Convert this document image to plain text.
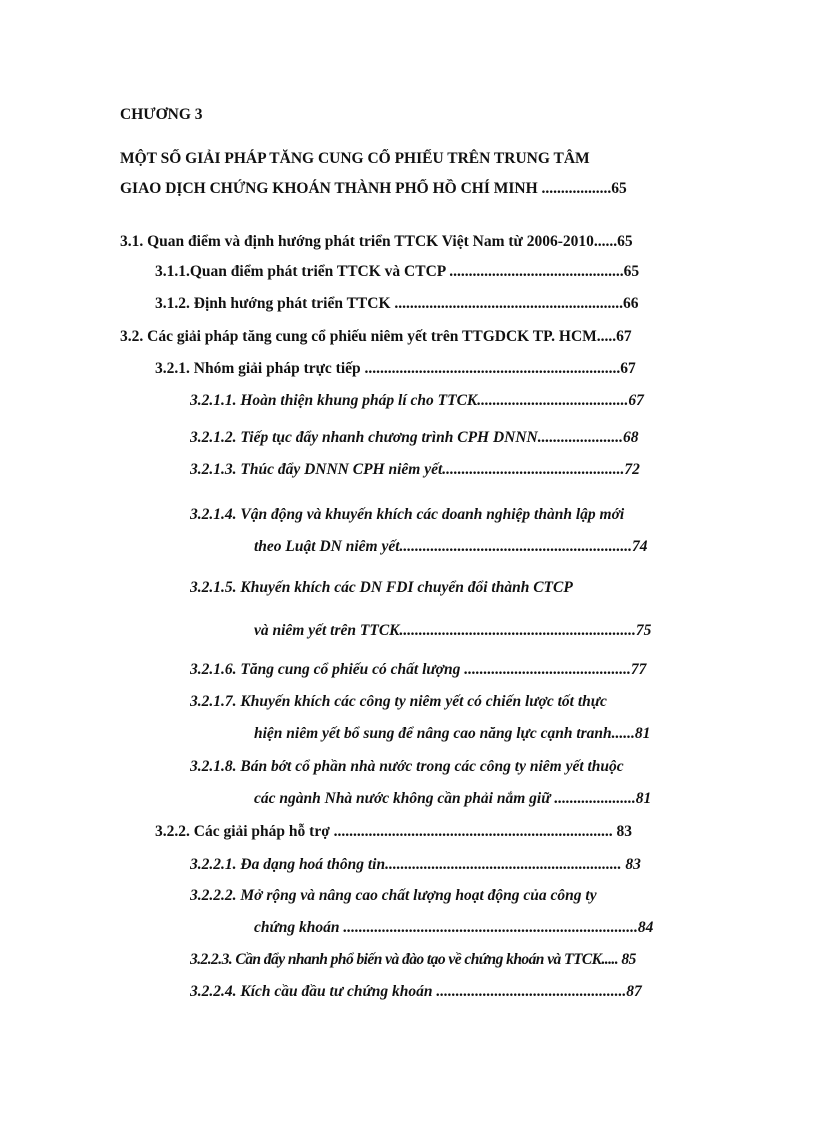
CHƯƠNG 3
MỘT SỐ GIẢI PHÁP TĂNG CUNG CỔ PHIẾU TRÊN TRUNG TÂM
GIAO DỊCH CHỨNG KHOÁN THÀNH PHỐ HỒ CHÍ MINH ..................65
3.1. Quan điểm và định hướng phát triển TTCK Việt Nam từ 2006-2010......65
3.1.1.Quan điểm phát triển TTCK và CTCP .............................................65
3.1.2. Định hướng phát triển TTCK ...........................................................66
3.2. Các giải pháp tăng cung cổ phiếu niêm yết trên TTGDCK TP. HCM.....67
3.2.1. Nhóm giải pháp trực tiếp ..................................................................67
3.2.1.1. Hoàn thiện khung pháp lí cho TTCK.......................................67
3.2.1.2. Tiếp tục đẩy nhanh chương trình CPH DNNN......................68
3.2.1.3. Thúc đẩy DNNN CPH niêm yết...............................................72
3.2.1.4. Vận động và khuyến khích các doanh nghiệp thành lập mới
theo Luật DN niêm yết............................................................74
3.2.1.5. Khuyến khích các DN FDI chuyển đổi thành CTCP
và niêm yết trên TTCK.............................................................75
3.2.1.6. Tăng cung cổ phiếu có chất lượng ...........................................77
3.2.1.7. Khuyến khích các công ty niêm yết có chiến lược tốt thực
hiện niêm yết bổ sung để nâng cao năng lực cạnh tranh......81
3.2.1.8. Bán bớt cổ phần nhà nước trong các công ty niêm yết thuộc
các ngành Nhà nước không cần phải nắm giữ .....................81
3.2.2. Các giải pháp hỗ trợ ........................................................................ 83
3.2.2.1. Đa dạng hoá thông tin............................................................. 83
3.2.2.2. Mở rộng và nâng cao chất lượng hoạt động của công ty
chứng khoán ............................................................................84
3.2.2.3. Cần đẩy nhanh phổ biến và đào tạo về chứng khoán và TTCK..... 85
3.2.2.4. Kích cầu đầu tư chứng khoán .................................................87
